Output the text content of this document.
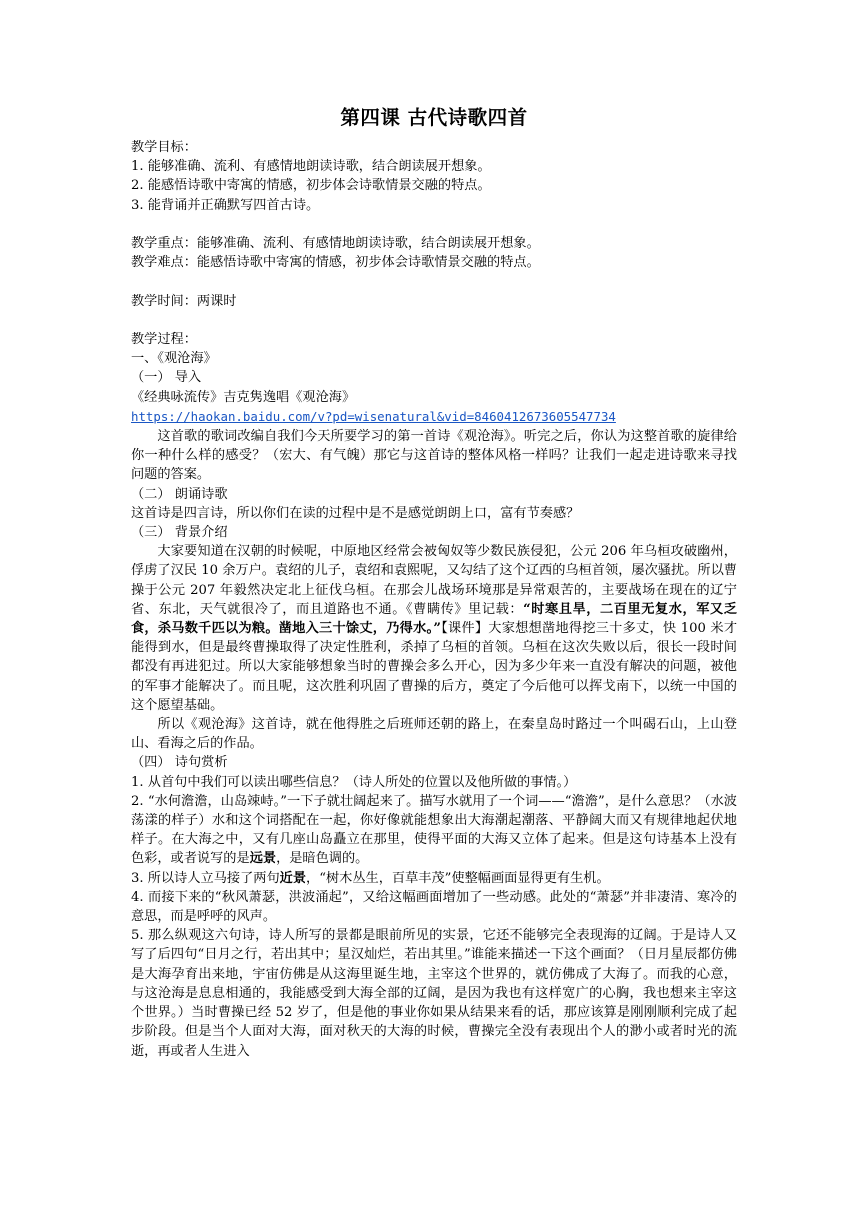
第四课 古代诗歌四首
教学目标：
1. 能够准确、流利、有感情地朗读诗歌，结合朗读展开想象。
2. 能感悟诗歌中寄寓的情感，初步体会诗歌情景交融的特点。
3. 能背诵并正确默写四首古诗。
教学重点：能够准确、流利、有感情地朗读诗歌，结合朗读展开想象。
教学难点：能感悟诗歌中寄寓的情感，初步体会诗歌情景交融的特点。
教学时间：两课时
教学过程：
一、《观沧海》
（一） 导入
《经典咏流传》吉克隽逸唱《观沧海》
https://haokan.baidu.com/v?pd=wisenatural&vid=8460412673605547734
这首歌的歌词改编自我们今天所要学习的第一首诗《观沧海》。听完之后，你认为这整首歌的旋律给你一种什么样的感受？（宏大、有气魄）那它与这首诗的整体风格一样吗？让我们一起走进诗歌来寻找问题的答案。
（二） 朗诵诗歌
这首诗是四言诗，所以你们在读的过程中是不是感觉朗朗上口，富有节奏感？
（三） 背景介绍
大家要知道在汉朝的时候呢，中原地区经常会被匈奴等少数民族侵犯，公元 206 年乌桓攻破幽州，俘虏了汉民 10 余万户。袁绍的儿子，袁绍和袁熙呢，又勾结了这个辽西的乌桓首领，屡次骚扰。所以曹操于公元 207 年毅然决定北上征伐乌桓。在那会儿战场环境那是异常艰苦的，主要战场在现在的辽宁省、东北，天气就很冷了，而且道路也不通。《曹瞒传》里记载：“时寒且旱，二百里无复水，军又乏食，杀马数千匹以为粮。凿地入三十馀丈，乃得水。”【课件】大家想想凿地得挖三十多丈，快 100 米才能得到水，但是最终曹操取得了决定性胜利，杀掉了乌桓的首领。乌桓在这次失败以后，很长一段时间都没有再进犯过。所以大家能够想象当时的曹操会多么开心，因为多少年来一直没有解决的问题，被他的军事才能解决了。而且呢，这次胜利巩固了曹操的后方，奠定了今后他可以挥戈南下，以统一中国的这个愿望基础。
所以《观沧海》这首诗，就在他得胜之后班师还朝的路上，在秦皇岛时路过一个叫碣石山，上山登山、看海之后的作品。
（四） 诗句赏析
1. 从首句中我们可以读出哪些信息？（诗人所处的位置以及他所做的事情。）
2. “水何澹澹，山岛竦峙。”一下子就壮阔起来了。描写水就用了一个词——“澹澹”，是什么意思？（水波荡漾的样子）水和这个词搭配在一起，你好像就能想象出大海潮起潮落、平静阔大而又有规律地起伏地样子。在大海之中，又有几座山岛矗立在那里，使得平面的大海又立体了起来。但是这句诗基本上没有色彩，或者说写的是远景，是暗色调的。
3. 所以诗人立马接了两句近景，“树木丛生，百草丰茂”使整幅画面显得更有生机。
4. 而接下来的“秋风萧瑟，洪波涌起”，又给这幅画面增加了一些动感。此处的“萧瑟”并非凄清、寒冷的意思，而是呼呼的风声。
5. 那么纵观这六句诗，诗人所写的景都是眼前所见的实景，它还不能够完全表现海的辽阔。于是诗人又写了后四句“日月之行，若出其中；星汉灿烂，若出其里。”谁能来描述一下这个画面？（日月星辰都仿佛是大海孕育出来地，宇宙仿佛是从这海里诞生地，主宰这个世界的，就仿佛成了大海了。而我的心意，与这沧海是息息相通的，我能感受到大海全部的辽阔，是因为我也有这样宽广的心胸，我也想来主宰这个世界。）当时曹操已经 52 岁了，但是他的事业你如果从结果来看的话，那应该算是刚刚顺利完成了起步阶段。但是当个人面对大海，面对秋天的大海的时候，曹操完全没有表现出个人的渺小或者时光的流逝，再或者人生进入
